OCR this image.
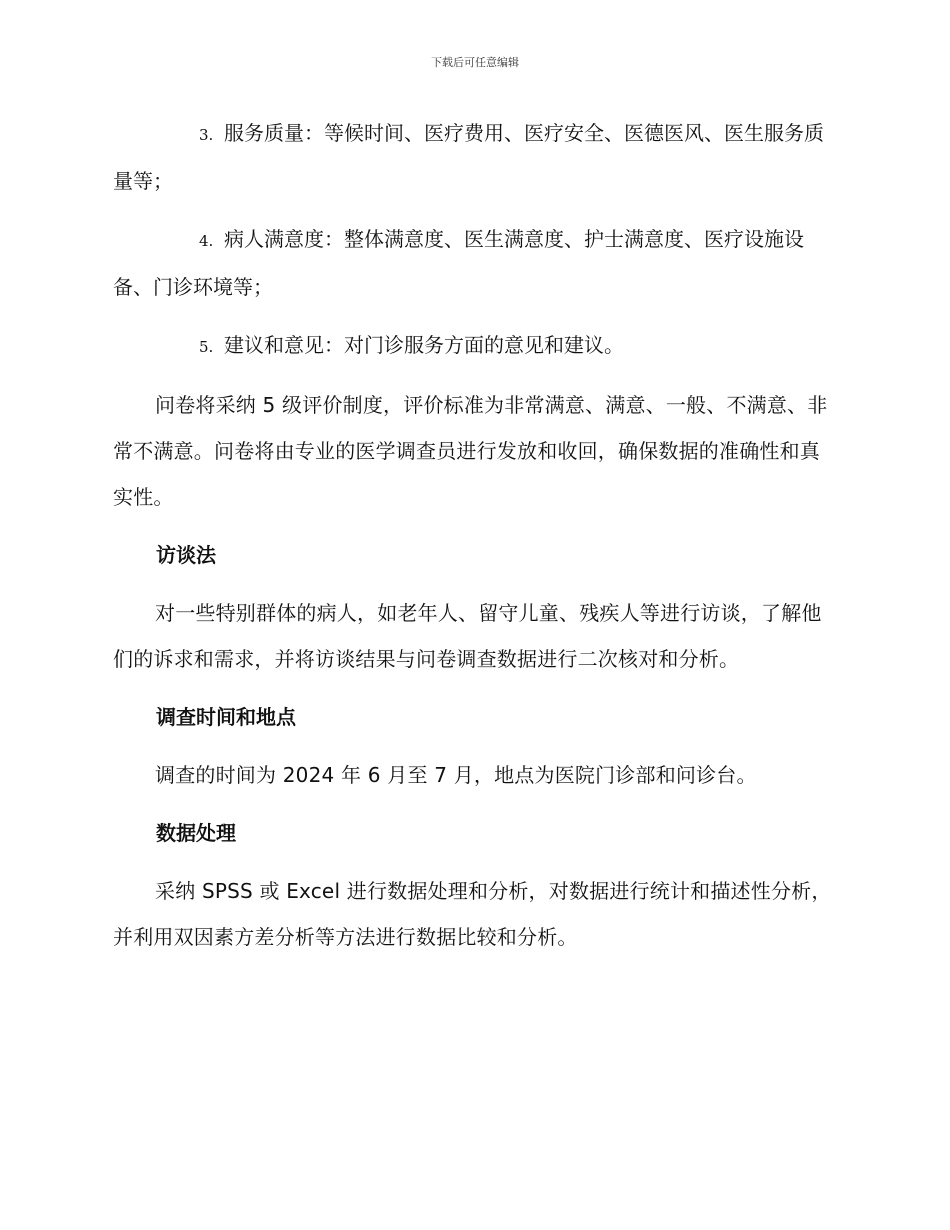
下载后可任意编辑
3. 服务质量：等候时间、医疗费用、医疗安全、医德医风、医生服务质量等；
4. 病人满意度：整体满意度、医生满意度、护士满意度、医疗设施设备、门诊环境等；
5. 建议和意见：对门诊服务方面的意见和建议。

问卷将采纳 5 级评价制度，评价标准为非常满意、满意、一般、不满意、非常不满意。问卷将由专业的医学调查员进行发放和收回，确保数据的准确性和真实性。

访谈法

对一些特别群体的病人，如老年人、留守儿童、残疾人等进行访谈，了解他们的诉求和需求，并将访谈结果与问卷调查数据进行二次核对和分析。

调查时间和地点

调查的时间为 2024 年 6 月至 7 月，地点为医院门诊部和问诊台。

数据处理

采纳 SPSS 或 Excel 进行数据处理和分析，对数据进行统计和描述性分析，并利用双因素方差分析等方法进行数据比较和分析。
